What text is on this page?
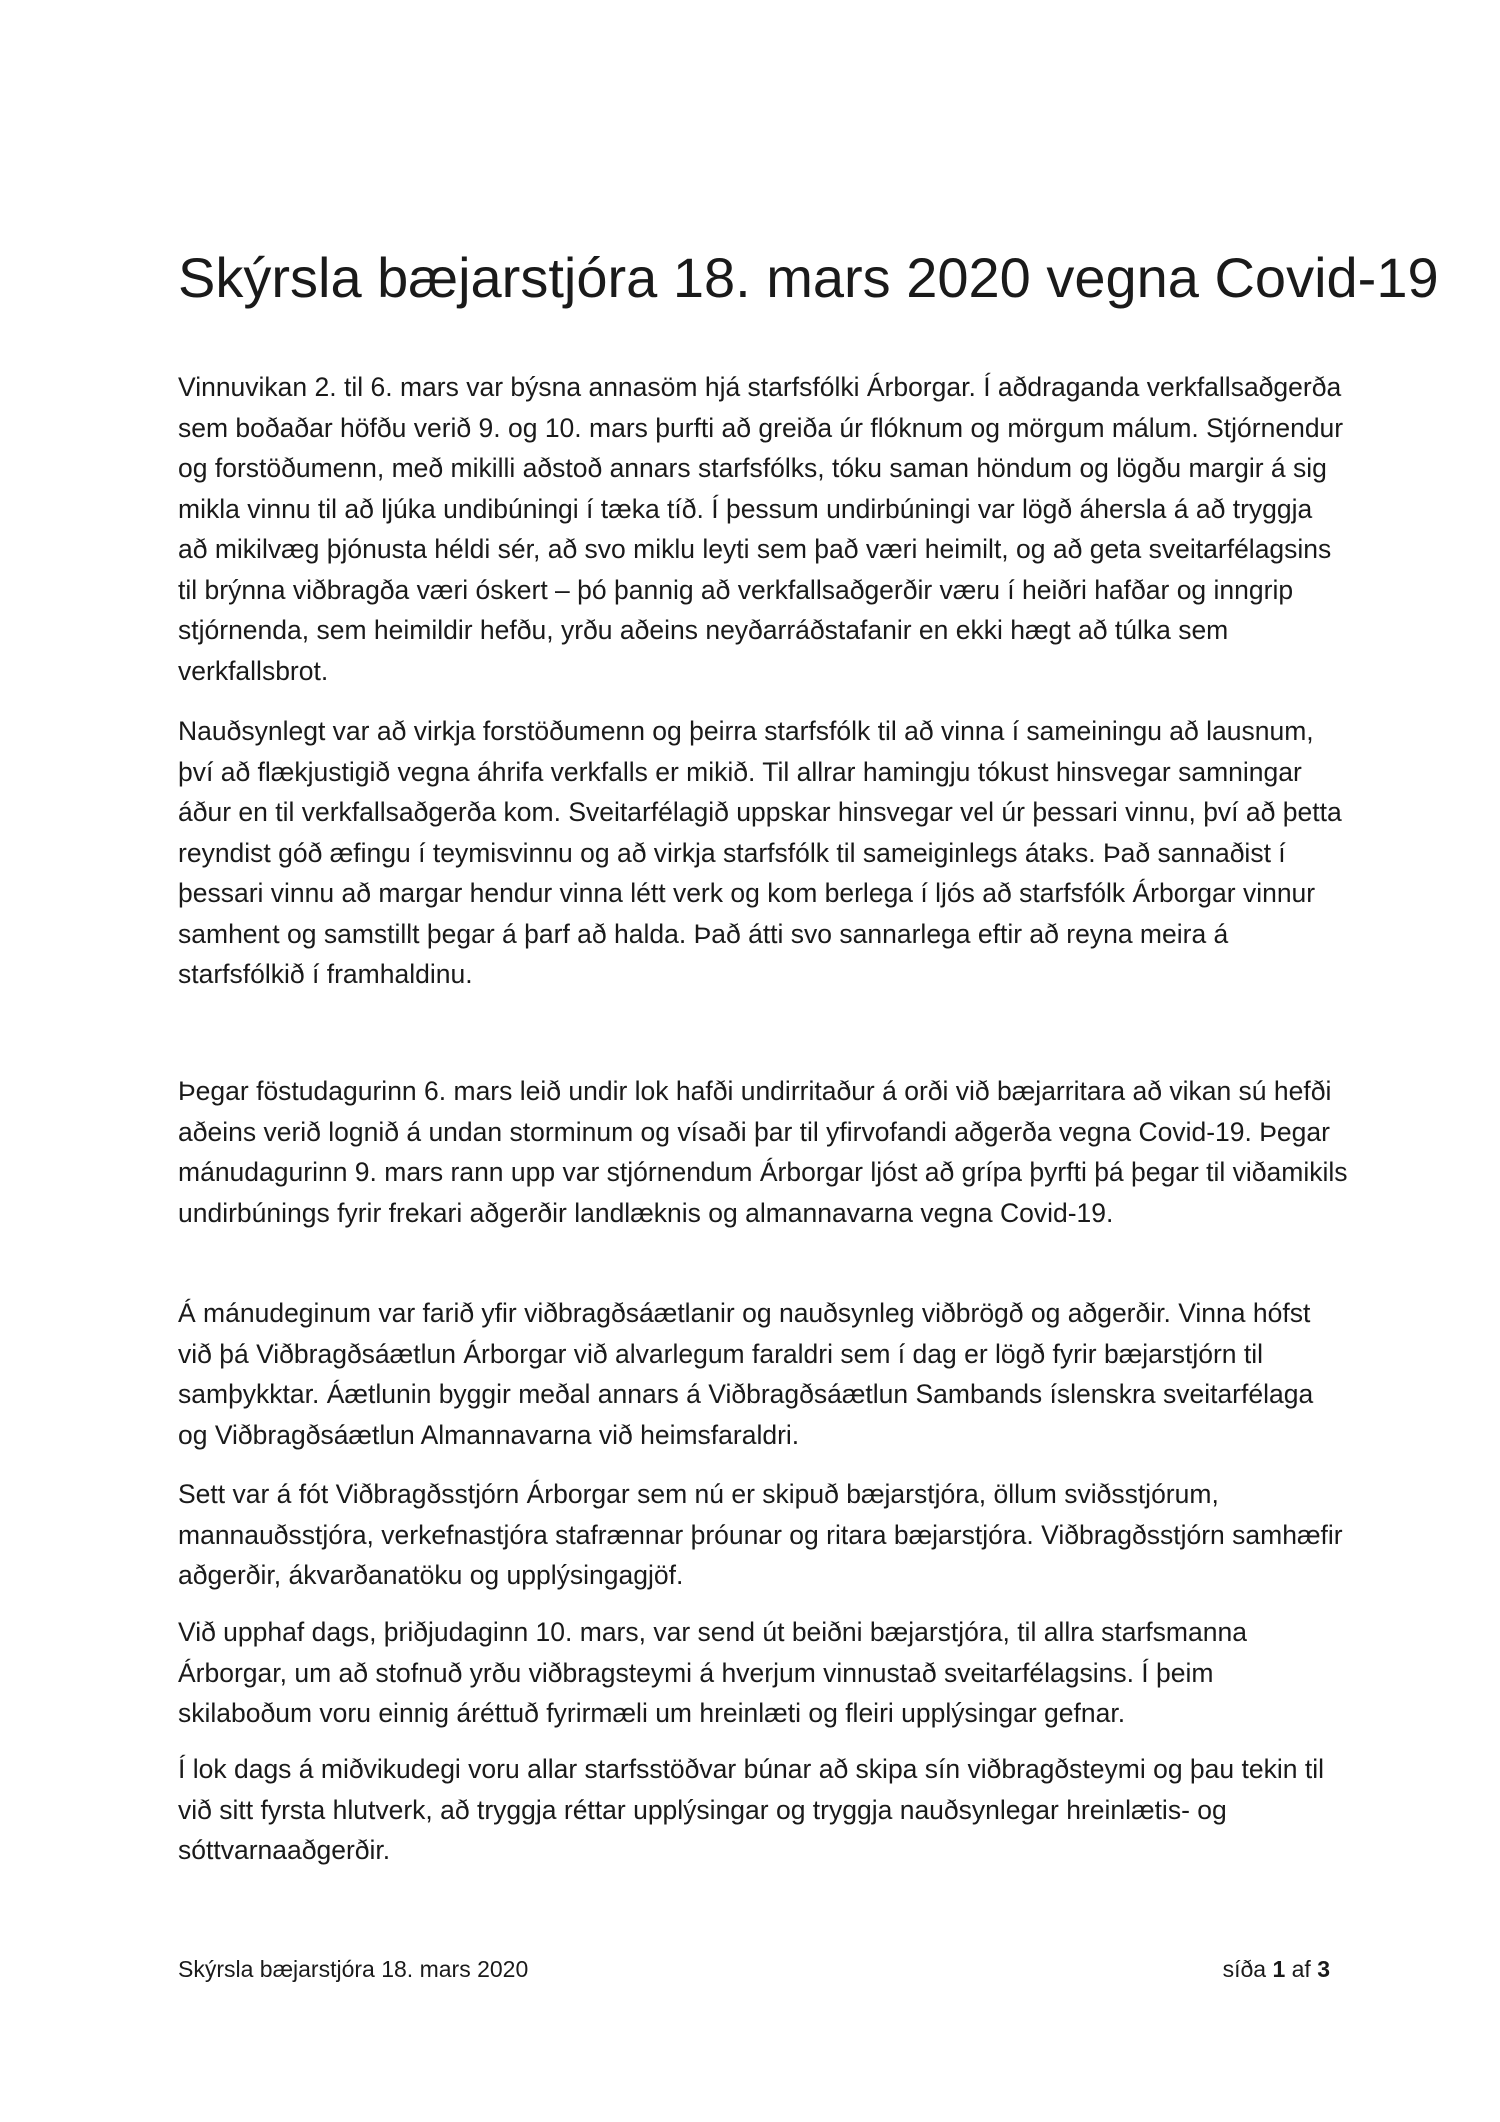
Skýrsla bæjarstjóra 18. mars 2020 vegna Covid-19

Vinnuvikan 2. til 6. mars var býsna annasöm hjá starfsfólki Árborgar. Í aðdraganda verkfallsaðgerða sem boðaðar höfðu verið 9. og 10. mars þurfti að greiða úr flóknum og mörgum málum. Stjórnendur og forstöðumenn, með mikilli aðstoð annars starfsfólks, tóku saman höndum og lögðu margir á sig mikla vinnu til að ljúka undibúningi í tæka tíð. Í þessum undirbúningi var lögð áhersla á að tryggja að mikilvæg þjónusta héldi sér, að svo miklu leyti sem það væri heimilt, og að geta sveitarfélagsins til brýnna viðbragða væri óskert – þó þannig að verkfallsaðgerðir væru í heiðri hafðar og inngrip stjórnenda, sem heimildir hefðu, yrðu aðeins neyðarráðstafanir en ekki hægt að túlka sem verkfallsbrot.

Nauðsynlegt var að virkja forstöðumenn og þeirra starfsfólk til að vinna í sameiningu að lausnum, því að flækjustigið vegna áhrifa verkfalls er mikið. Til allrar hamingju tókust hinsvegar samningar áður en til verkfallsaðgerða kom. Sveitarfélagið uppskar hinsvegar vel úr þessari vinnu, því að þetta reyndist góð æfingu í teymisvinnu og að virkja starfsfólk til sameiginlegs átaks. Það sannaðist í þessari vinnu að margar hendur vinna létt verk og kom berlega í ljós að starfsfólk Árborgar vinnur samhent og samstillt þegar á þarf að halda. Það átti svo sannarlega eftir að reyna meira á starfsfólkið í framhaldinu.

Þegar föstudagurinn 6. mars leið undir lok hafði undirritaður á orði við bæjarritara að vikan sú hefði aðeins verið lognið á undan storminum og vísaði þar til yfirvofandi aðgerða vegna Covid-19. Þegar mánudagurinn 9. mars rann upp var stjórnendum Árborgar ljóst að grípa þyrfti þá þegar til viðamikils undirbúnings fyrir frekari aðgerðir landlæknis og almannavarna vegna Covid-19.

Á mánudeginum var farið yfir viðbragðsáætlanir og nauðsynleg viðbrögð og aðgerðir. Vinna hófst við þá Viðbragðsáætlun Árborgar við alvarlegum faraldri sem í dag er lögð fyrir bæjarstjórn til samþykktar. Áætlunin byggir meðal annars á Viðbragðsáætlun Sambands íslenskra sveitarfélaga og Viðbragðsáætlun Almannavarna við heimsfaraldri.

Sett var á fót Viðbragðsstjórn Árborgar sem nú er skipuð bæjarstjóra, öllum sviðsstjórum, mannauðsstjóra, verkefnastjóra stafrænnar þróunar og ritara bæjarstjóra. Viðbragðsstjórn samhæfir aðgerðir, ákvarðanatöku og upplýsingagjöf.

Við upphaf dags, þriðjudaginn 10. mars, var send út beiðni bæjarstjóra, til allra starfsmanna Árborgar, um að stofnuð yrðu viðbragsteymi á hverjum vinnustað sveitarfélagsins. Í þeim skilaboðum voru einnig áréttuð fyrirmæli um hreinlæti og fleiri upplýsingar gefnar.

Í lok dags á miðvikudegi voru allar starfsstöðvar búnar að skipa sín viðbragðsteymi og þau tekin til við sitt fyrsta hlutverk, að tryggja réttar upplýsingar og tryggja nauðsynlegar hreinlætis- og sóttvarnaaðgerðir.

Skýrsla bæjarstjóra 18. mars 2020	síða 1 af 3
